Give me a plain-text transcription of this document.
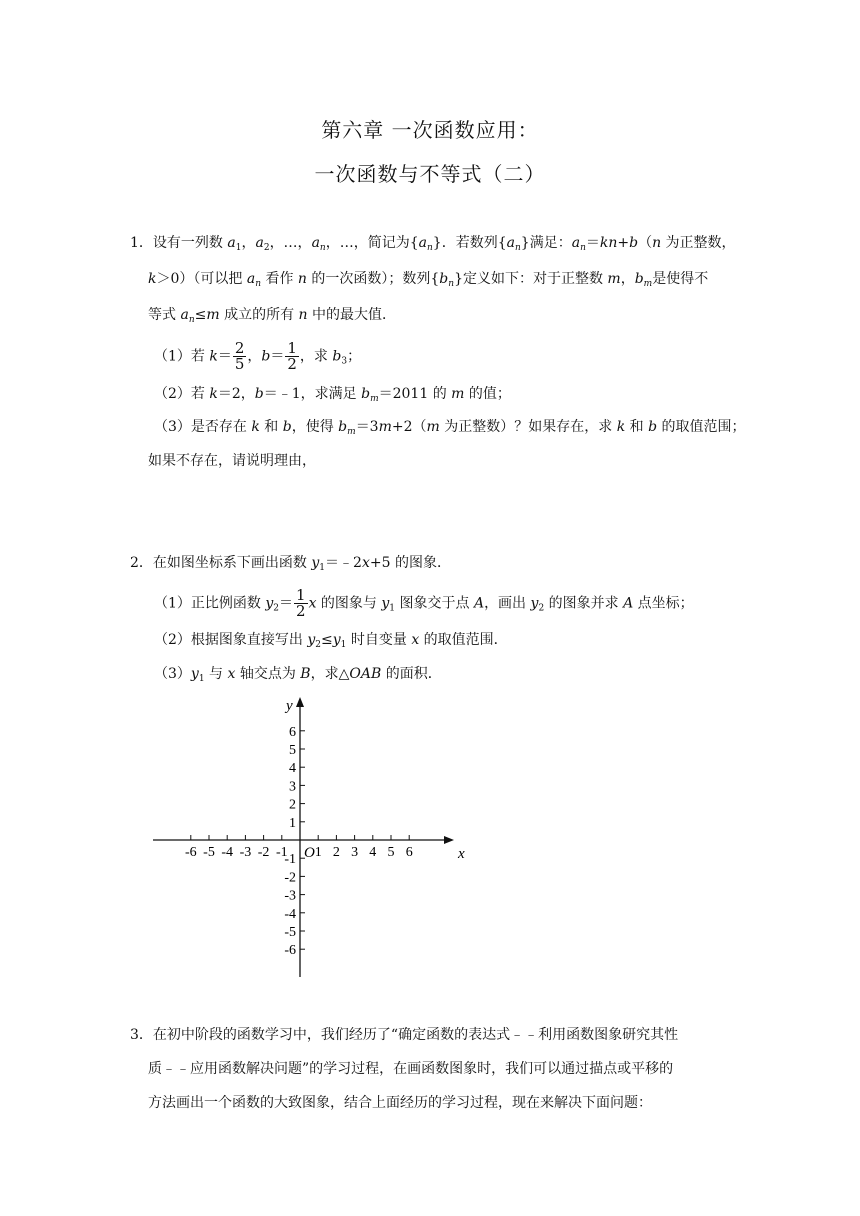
第六章 一次函数应用：
一次函数与不等式（二）
1．设有一列数 $a_1$，$a_2$，…，$a_n$，…，简记为$\{a_n\}$．若数列$\{a_n\}$满足：$a_n=kn+b(n$ 为正整数，
k＞0）（可以把 $a_n$ 看作 n 的一次函数）；数列$\{b_n\}$定义如下：对于正整数 m，$b_m$是使得不
等式 $a_n\le m$ 成立的所有 n 中的最大值．
（1）若 $k= \frac{2}{5}$ ，$b= \frac{1}{2}$ ，求 $b_3$；
（2）若 k＝2，b＝﹣1，求满足 $b_m=2011$ 的 m 的值；
（3）是否存在 k 和 b，使得 $b_m=3m+2(m$ 为正整数）？如果存在，求 k 和 b 的取值范围；
如果不存在，请说明理由，
2．在如图坐标系下画出函数 $y_1=﹣2x+5$ 的图象．
（1）正比例函数 $y_2= \frac{1}{2}$ x 的图象与 $y_1$ 图象交于点 A，画出 $y_2$ 的图象并求 A 点坐标；
（2）根据图象直接写出 $y_2\le y_1$ 时自变量 x 的取值范围．
$(3)y_1$ 与 x 轴交点为 B，求△OAB 的面积．
x
y
O
-6 -5 -4 -3 -2 -1 1 2 3 4 5 6
6
5
4
3
2
1
-1
-2
-3
-4
-5
-6
3．在初中阶段的函数学习中，我们经历了“确定函数的表达式﹣﹣利用函数图象研究其性
质﹣﹣应用函数解决问题”的学习过程，在画函数图象时，我们可以通过描点或平移的
方法画出一个函数的大致图象，结合上面经历的学习过程，现在来解决下面问题：
